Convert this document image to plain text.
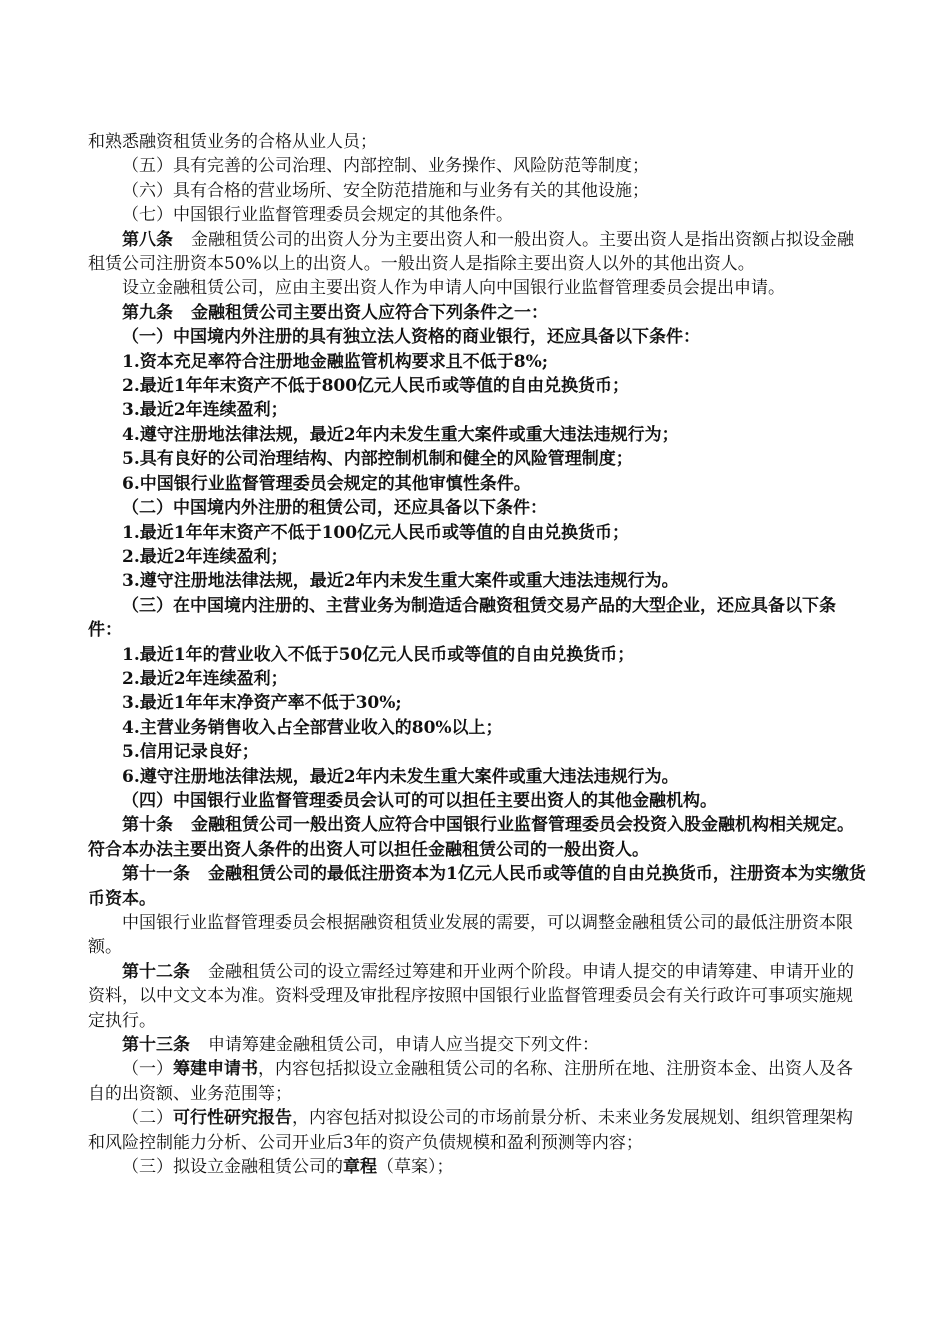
和熟悉融资租赁业务的合格从业人员；

（五）具有完善的公司治理、内部控制、业务操作、风险防范等制度；

（六）具有合格的营业场所、安全防范措施和与业务有关的其他设施；

（七）中国银行业监督管理委员会规定的其他条件。

第八条 金融租赁公司的出资人分为主要出资人和一般出资人。主要出资人是指出资额占拟设金融租赁公司注册资本50%以上的出资人。一般出资人是指除主要出资人以外的其他出资人。

设立金融租赁公司，应由主要出资人作为申请人向中国银行业监督管理委员会提出申请。

第九条 金融租赁公司主要出资人应符合下列条件之一：

（一）中国境内外注册的具有独立法人资格的商业银行，还应具备以下条件：

1.资本充足率符合注册地金融监管机构要求且不低于8%;

2.最近1年年末资产不低于800亿元人民币或等值的自由兑换货币；

3.最近2年连续盈利；

4.遵守注册地法律法规，最近2年内未发生重大案件或重大违法违规行为；

5.具有良好的公司治理结构、内部控制机制和健全的风险管理制度；

6.中国银行业监督管理委员会规定的其他审慎性条件。

（二）中国境内外注册的租赁公司，还应具备以下条件：

1.最近1年年末资产不低于100亿元人民币或等值的自由兑换货币；

2.最近2年连续盈利；

3.遵守注册地法律法规，最近2年内未发生重大案件或重大违法违规行为。

（三）在中国境内注册的、主营业务为制造适合融资租赁交易产品的大型企业，还应具备以下条件：

1.最近1年的营业收入不低于50亿元人民币或等值的自由兑换货币；

2.最近2年连续盈利；

3.最近1年年末净资产率不低于30%;

4.主营业务销售收入占全部营业收入的80%以上；

5.信用记录良好；

6.遵守注册地法律法规，最近2年内未发生重大案件或重大违法违规行为。

（四）中国银行业监督管理委员会认可的可以担任主要出资人的其他金融机构。

第十条 金融租赁公司一般出资人应符合中国银行业监督管理委员会投资入股金融机构相关规定。符合本办法主要出资人条件的出资人可以担任金融租赁公司的一般出资人。

第十一条 金融租赁公司的最低注册资本为1亿元人民币或等值的自由兑换货币，注册资本为实缴货币资本。

中国银行业监督管理委员会根据融资租赁业发展的需要，可以调整金融租赁公司的最低注册资本限额。

第十二条 金融租赁公司的设立需经过筹建和开业两个阶段。申请人提交的申请筹建、申请开业的资料，以中文文本为准。资料受理及审批程序按照中国银行业监督管理委员会有关行政许可事项实施规定执行。

第十三条 申请筹建金融租赁公司，申请人应当提交下列文件：

（一）筹建申请书，内容包括拟设立金融租赁公司的名称、注册所在地、注册资本金、出资人及各自的出资额、业务范围等；

（二）可行性研究报告，内容包括对拟设公司的市场前景分析、未来业务发展规划、组织管理架构和风险控制能力分析、公司开业后3年的资产负债规模和盈利预测等内容；

（三）拟设立金融租赁公司的章程（草案）；
